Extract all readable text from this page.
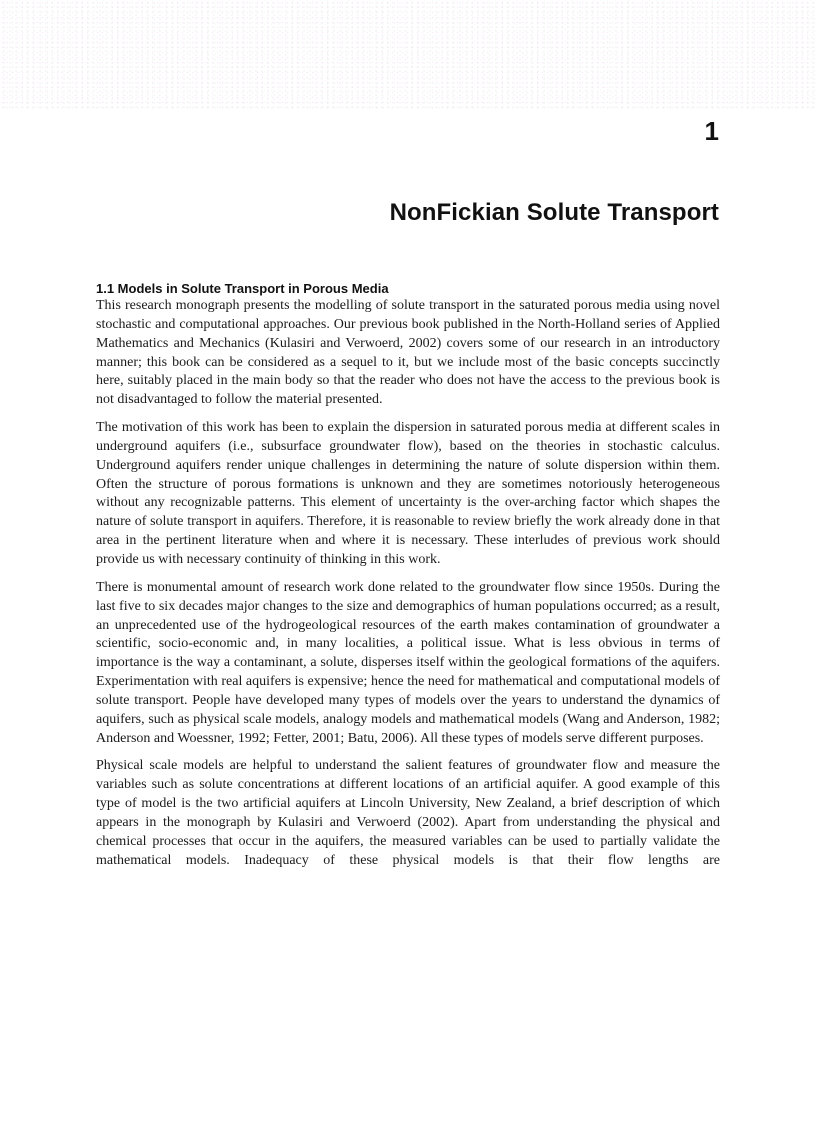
1
NonFickian Solute Transport
1.1 Models in Solute Transport in Porous Media

This research monograph presents the modelling of solute transport in the saturated porous media using novel stochastic and computational approaches. Our previous book published in the North-Holland series of Applied Mathematics and Mechanics (Kulasiri and Verwoerd, 2002) covers some of our research in an introductory manner; this book can be considered as a sequel to it, but we include most of the basic concepts succinctly here, suitably placed in the main body so that the reader who does not have the access to the previous book is not disadvantaged to follow the material presented.

The motivation of this work has been to explain the dispersion in saturated porous media at different scales in underground aquifers (i.e., subsurface groundwater flow), based on the theories in stochastic calculus. Underground aquifers render unique challenges in determining the nature of solute dispersion within them. Often the structure of porous formations is unknown and they are sometimes notoriously heterogeneous without any recognizable patterns. This element of uncertainty is the over-arching factor which shapes the nature of solute transport in aquifers. Therefore, it is reasonable to review briefly the work already done in that area in the pertinent literature when and where it is necessary. These interludes of previous work should provide us with necessary continuity of thinking in this work.

There is monumental amount of research work done related to the groundwater flow since 1950s. During the last five to six decades major changes to the size and demographics of human populations occurred; as a result, an unprecedented use of the hydrogeological resources of the earth makes contamination of groundwater a scientific, socio-economic and, in many localities, a political issue. What is less obvious in terms of importance is the way a contaminant, a solute, disperses itself within the geological formations of the aquifers. Experimentation with real aquifers is expensive; hence the need for mathematical and computational models of solute transport. People have developed many types of models over the years to understand the dynamics of aquifers, such as physical scale models, analogy models and mathematical models (Wang and Anderson, 1982; Anderson and Woessner, 1992; Fetter, 2001; Batu, 2006). All these types of models serve different purposes.

Physical scale models are helpful to understand the salient features of groundwater flow and measure the variables such as solute concentrations at different locations of an artificial aquifer. A good example of this type of model is the two artificial aquifers at Lincoln University, New Zealand, a brief description of which appears in the monograph by Kulasiri and Verwoerd (2002). Apart from understanding the physical and chemical processes that occur in the aquifers, the measured variables can be used to partially validate the mathematical models. Inadequacy of these physical models is that their flow lengths are
